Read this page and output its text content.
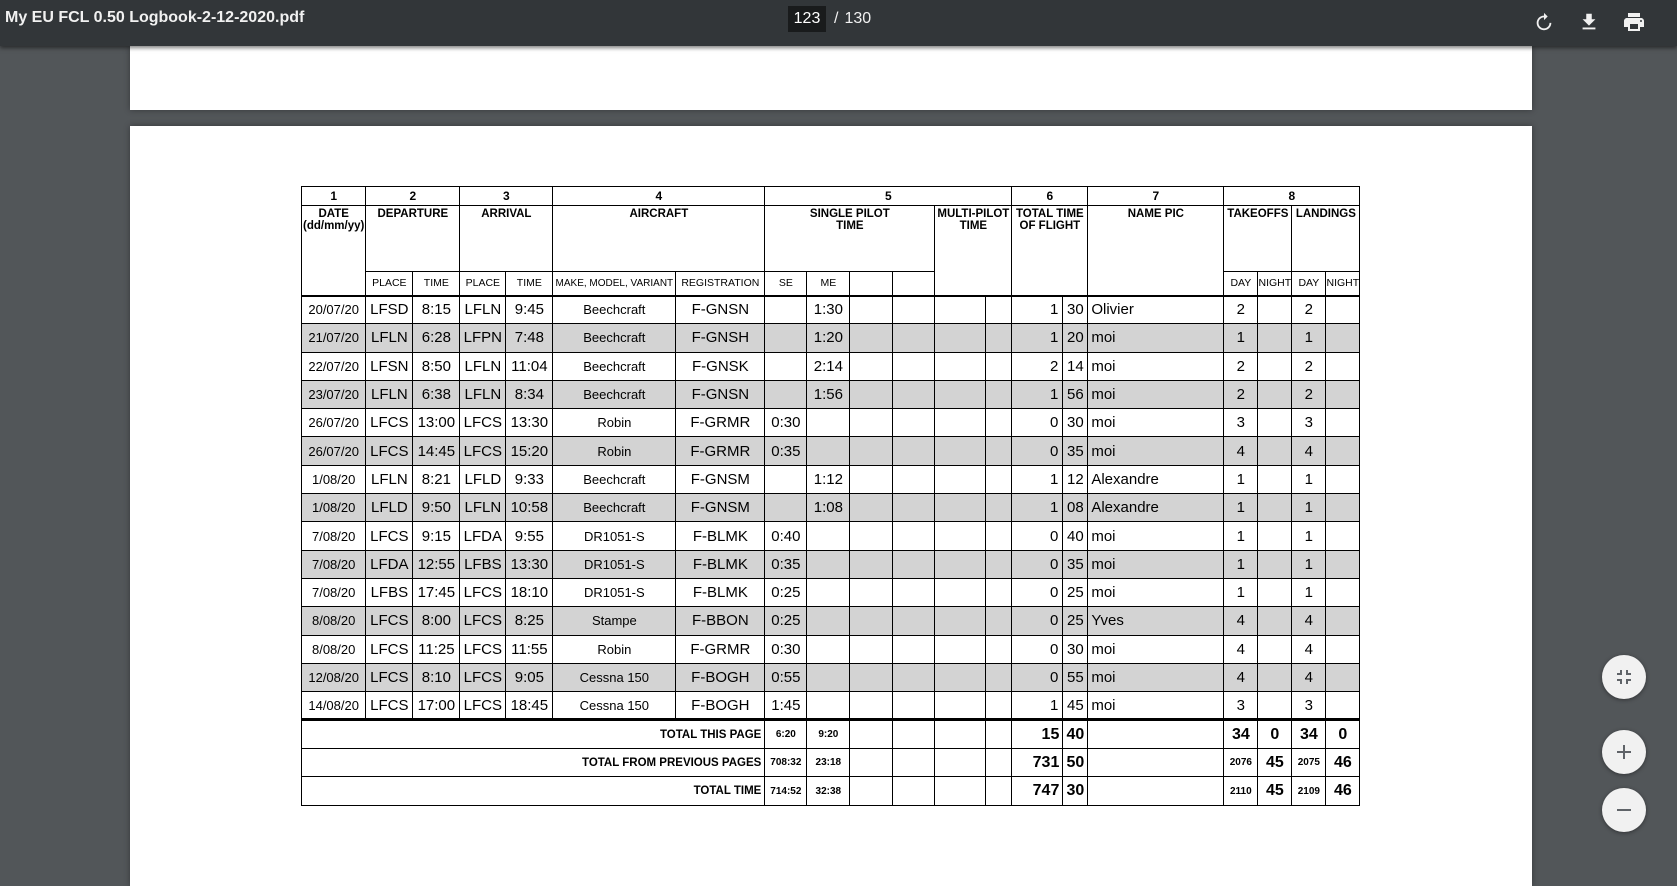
My EU FCL 0.50 Logbook-2-12-2020.pdf
123	/ 130
1	2		3		4		5						6		7	8			
DATE (dd/mm/yy)	DEPARTURE		ARRIVAL		AIRCRAFT		SINGLE PILOT TIME				MULTI-PILOT TIME		TOTAL TIME OF FLIGHT		NAME PIC	TAKEOFFS		LANDINGS	
	PLACE	TIME	PLACE	TIME	MAKE, MODEL, VARIANT	REGISTRATION	SE	ME								DAY	NIGHT	DAY	NIGHT
20/07/20	LFSD	8:15	LFLN	9:45	Beechcraft	F-GNSN		1:30					1	30	Olivier	2		2	
21/07/20	LFLN	6:28	LFPN	7:48	Beechcraft	F-GNSH		1:20					1	20	moi	1		1	
22/07/20	LFSN	8:50	LFLN	11:04	Beechcraft	F-GNSK		2:14					2	14	moi	2		2	
23/07/20	LFLN	6:38	LFLN	8:34	Beechcraft	F-GNSN		1:56					1	56	moi	2		2	
26/07/20	LFCS	13:00	LFCS	13:30	Robin	F-GRMR	0:30						0	30	moi	3		3	
26/07/20	LFCS	14:45	LFCS	15:20	Robin	F-GRMR	0:35						0	35	moi	4		4	
1/08/20	LFLN	8:21	LFLD	9:33	Beechcraft	F-GNSM		1:12					1	12	Alexandre	1		1	
1/08/20	LFLD	9:50	LFLN	10:58	Beechcraft	F-GNSM		1:08					1	08	Alexandre	1		1	
7/08/20	LFCS	9:15	LFDA	9:55	DR1051-S	F-BLMK	0:40						0	40	moi	1		1	
7/08/20	LFDA	12:55	LFBS	13:30	DR1051-S	F-BLMK	0:35						0	35	moi	1		1	
7/08/20	LFBS	17:45	LFCS	18:10	DR1051-S	F-BLMK	0:25						0	25	moi	1		1	
8/08/20	LFCS	8:00	LFCS	8:25	Stampe	F-BBON	0:25						0	25	Yves	4		4	
8/08/20	LFCS	11:25	LFCS	11:55	Robin	F-GRMR	0:30						0	30	moi	4		4	
12/08/20	LFCS	8:10	LFCS	9:05	Cessna 150	F-BOGH	0:55						0	55	moi	4		4	
14/08/20	LFCS	17:00	LFCS	18:45	Cessna 150	F-BOGH	1:45						1	45	moi	3		3	
TOTAL THIS PAGE							6:20	9:20					15	40		34	0	34	0
TOTAL FROM PREVIOUS PAGES							708:32	23:18					731	50		2076	45	2075	46
TOTAL TIME							714:52	32:38					747	30		2110	45	2109	46
